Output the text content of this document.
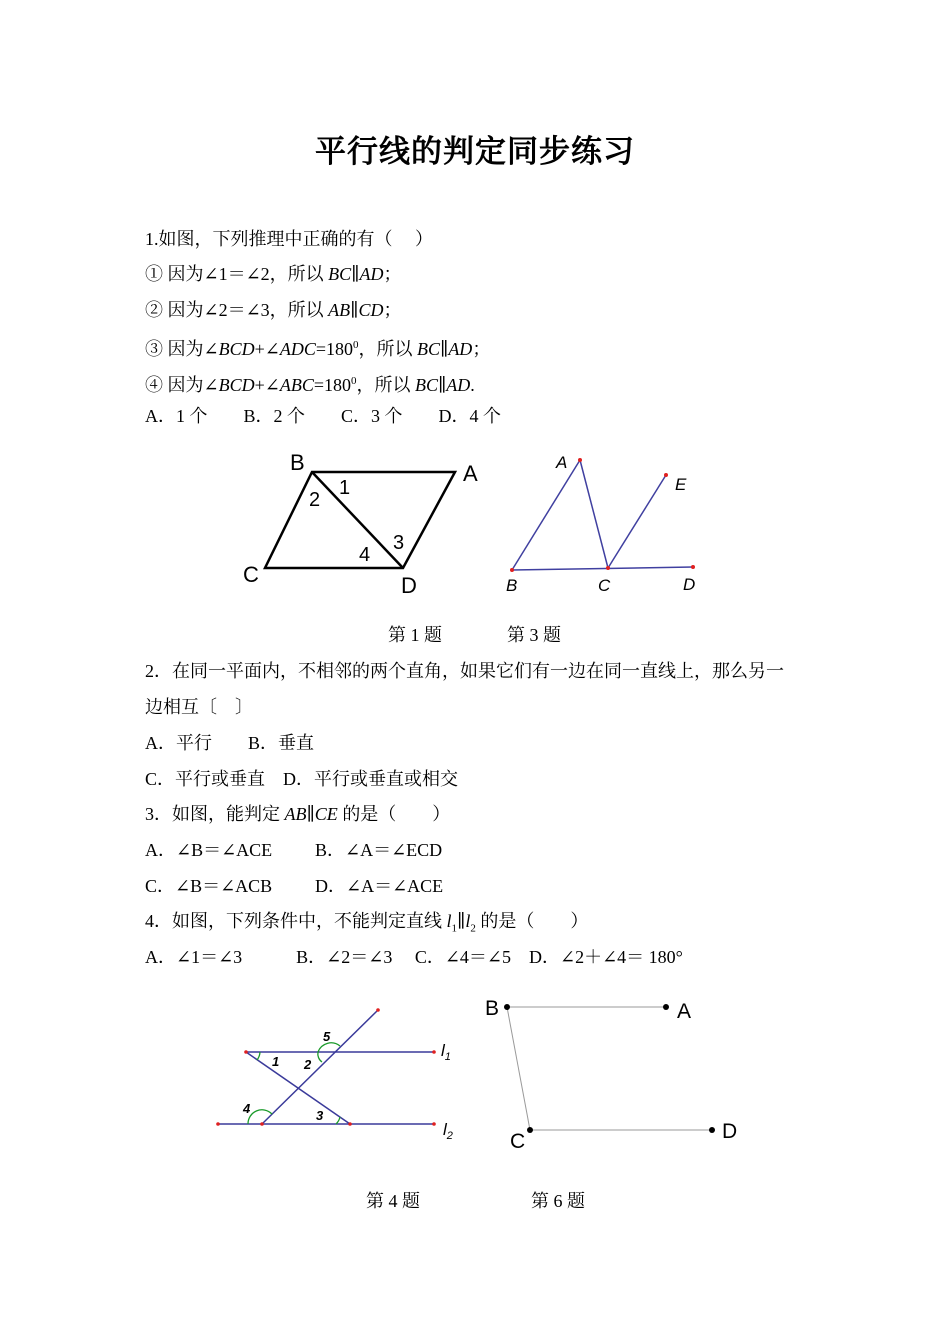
平行线的判定同步练习
1.如图，下列推理中正确的有（　 ）
① 因为∠1＝∠2，所以 BC∥AD；
② 因为∠2＝∠3，所以 AB∥CD；
③ 因为$\angle BCD+\angle ADC=180^0$，所以 BC∥AD；
④ 因为$\angle BCD+\angle ABC=180^0$，所以 BC∥AD.
A．1 个　　B．2 个　　C．3 个　　D．4 个
B	A
C	D
1
2
3
4
A
E
B	C	D
第 1 题	第 3 题
2．在同一平面内，不相邻的两个直角，如果它们有一边在同一直线上，那么另一
边相互〔　〕
A．平行　　B．垂直
C．平行或垂直　D．平行或垂直或相交
3．如图，能判定 AB∥CE 的是（　　）
A．∠B＝∠ACE B．∠A＝∠ECD
C．∠B＝∠ACB D．∠A＝∠ACE
4．如图，下列条件中，不能判定直线 $l_1\parallel l_2$ 的是（　　）
A．∠1＝∠3　　　B．∠2＝∠3　 C．∠4＝∠5　D．∠2＋∠4＝ 180°
5
2
1
4	3
$l_1$
$l_2$
B	A
C	D
第 4 题	第 6 题
